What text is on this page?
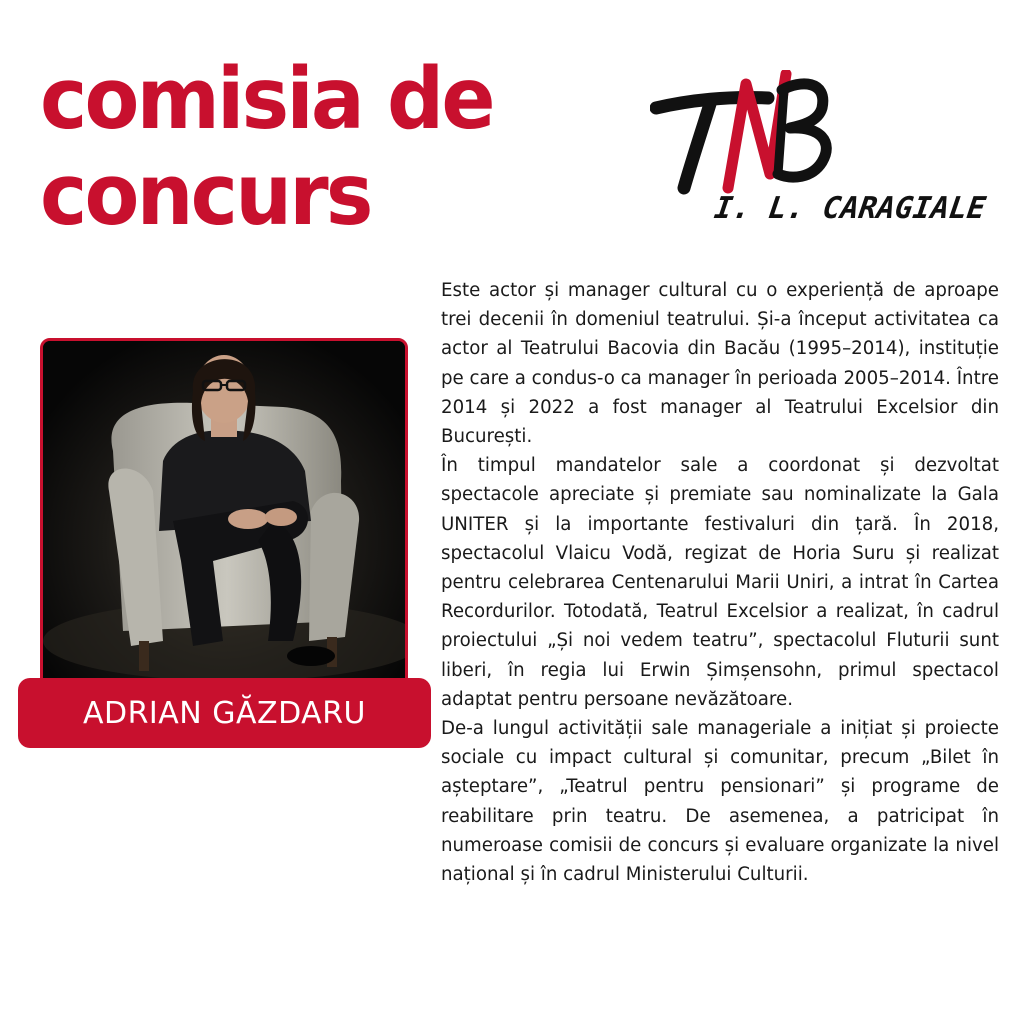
comisia de
concurs	I. L. CARAGIALE
ADRIAN GĂZDARU

Este actor și manager cultural cu o experiență de aproape trei decenii în domeniul teatrului. Și-a început activitatea ca actor al Teatrului Bacovia din Bacău (1995–2014), instituție pe care a condus-o ca manager în perioada 2005–2014. Între 2014 și 2022 a fost manager al Teatrului Excelsior din București.

În timpul mandatelor sale a coordonat și dezvoltat spectacole apreciate și premiate sau nominalizate la Gala UNITER și la importante festivaluri din țară. În 2018, spectacolul Vlaicu Vodă, regizat de Horia Suru și realizat pentru celebrarea Centenarului Marii Uniri, a intrat în Cartea Recordurilor. Totodată, Teatrul Excelsior a realizat, în cadrul proiectului „Și noi vedem teatru”, spectacolul Fluturii sunt liberi, în regia lui Erwin Șimșensohn, primul spectacol adaptat pentru persoane nevăzătoare.

De-a lungul activității sale manageriale a inițiat și proiecte sociale cu impact cultural și comunitar, precum „Bilet în așteptare”, „Teatrul pentru pensionari” și programe de reabilitare prin teatru. De asemenea, a patricipat în numeroase comisii de concurs și evaluare organizate la nivel național și în cadrul Ministerului Culturii.
